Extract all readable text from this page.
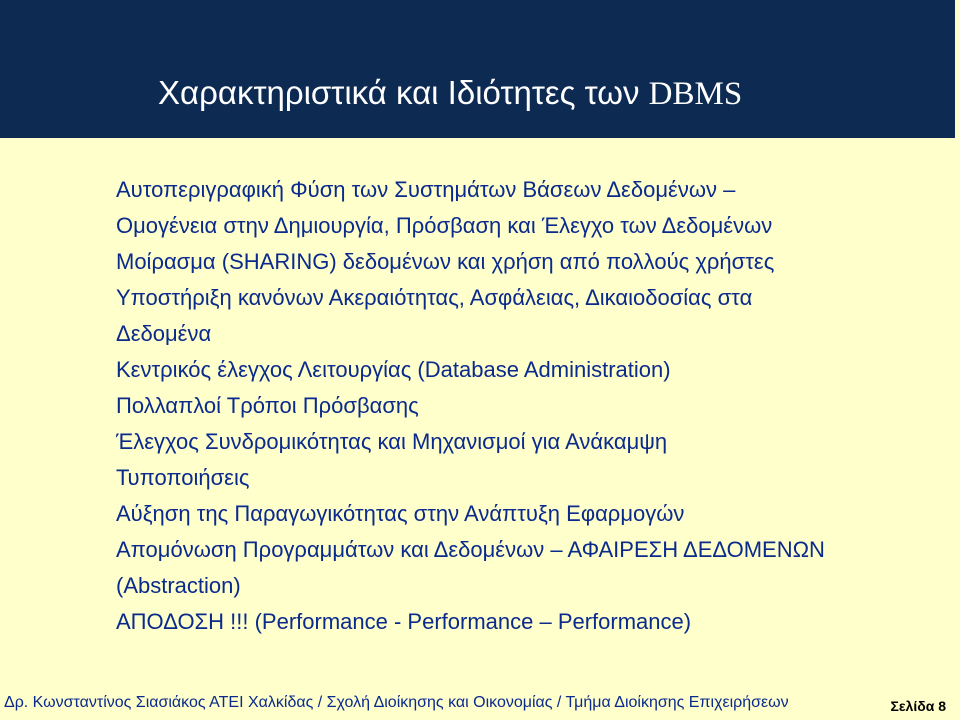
Χαρακτηριστικά και Ιδιότητες των DBMS
Αυτοπεριγραφική Φύση των Συστημάτων Βάσεων Δεδομένων –
Ομογένεια στην Δημιουργία, Πρόσβαση και Έλεγχο των Δεδομένων
Μοίρασμα (SHARING) δεδομένων και χρήση από πολλούς χρήστες
Υποστήριξη κανόνων Ακεραιότητας, Ασφάλειας, Δικαιοδοσίας στα
Δεδομένα
Κεντρικός έλεγχος Λειτουργίας (Database Administration)
Πολλαπλοί Τρόποι Πρόσβασης
Έλεγχος Συνδρομικότητας και Μηχανισμοί για Ανάκαμψη
Τυποποιήσεις
Αύξηση της Παραγωγικότητας στην Ανάπτυξη Εφαρμογών
Απομόνωση Προγραμμάτων και Δεδομένων – ΑΦΑΙΡΕΣΗ ΔΕΔΟΜΕΝΩΝ
(Abstraction)
ΑΠΟΔΟΣΗ !!! (Performance - Performance – Performance)
Δρ. Κωνσταντίνος Σιασιάκος ΑΤΕΙ Χαλκίδας / Σχολή Διοίκησης και Οικονομίας / Τμήμα Διοίκησης Επιχειρήσεων	Σελίδα 8
